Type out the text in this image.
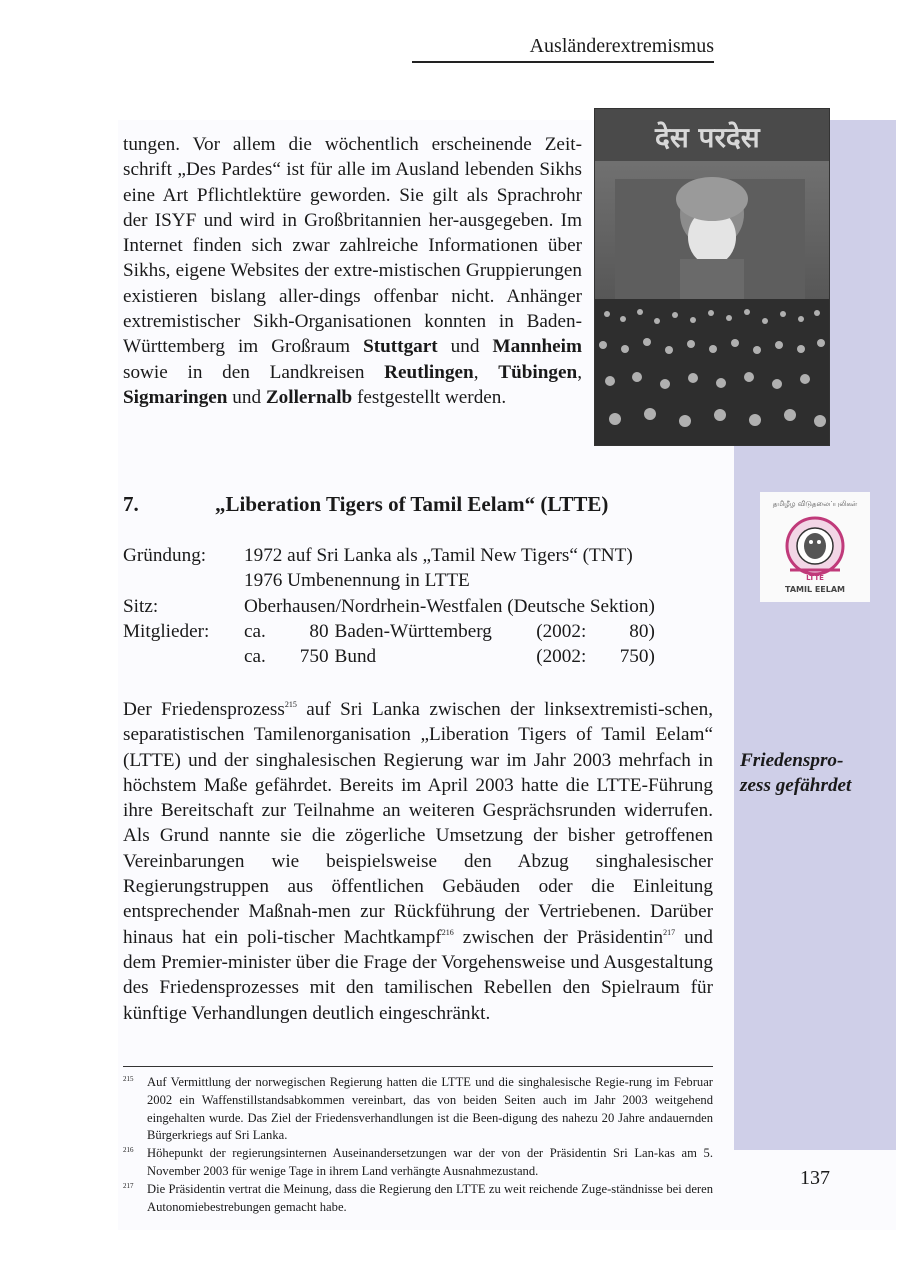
Ausländerextremismus

tungen. Vor allem die wöchentlich erscheinende Zeit-schrift „Des Pardes“ ist für alle im Ausland lebenden Sikhs eine Art Pflichtlektüre geworden. Sie gilt als Sprachrohr der ISYF und wird in Großbritannien her-ausgegeben. Im Internet finden sich zwar zahlreiche Informationen über Sikhs, eigene Websites der extre-mistischen Gruppierungen existieren bislang aller-dings offenbar nicht. Anhänger extremistischer Sikh-Organisationen konnten in Baden-Württemberg im Großraum Stuttgart und Mannheim sowie in den Landkreisen Reutlingen, Tübingen, Sigmaringen und Zollernalb festgestellt werden.

देस परदेस
7.	„Liberation Tigers of Tamil Eelam“ (LTTE)
Gründung:	1972 auf Sri Lanka als „Tamil New Tigers“ (TNT)				
	1976 Umbenennung in LTTE				
Sitz:	Oberhausen/Nordrhein-Westfalen (Deutsche Sektion)				
Mitglieder:	ca.	80	Baden-Württemberg	(2002:	80)
	ca.	750	Bund	(2002:	750)
தமிழீழ விடுதலைப்புலிகள்
LTTE
TAMIL EELAM

Der Friedensprozess$^{215}$ auf Sri Lanka zwischen der linksextremisti-schen, separatistischen Tamilenorganisation „Liberation Tigers of Tamil Eelam“ (LTTE) und der singhalesischen Regierung war im Jahr 2003 mehrfach in höchstem Maße gefährdet. Bereits im April 2003 hatte die LTTE-Führung ihre Bereitschaft zur Teilnahme an weiteren Gesprächsrunden widerrufen. Als Grund nannte sie die zögerliche Umsetzung der bisher getroffenen Vereinbarungen wie beispielsweise den Abzug singhalesischer Regierungstruppen aus öffentlichen Gebäuden oder die Einleitung entsprechender Maßnah-men zur Rückführung der Vertriebenen. Darüber hinaus hat ein poli-tischer Machtkampf$^{216}$ zwischen der Präsidentin$^{217}$ und dem Premier-minister über die Frage der Vorgehensweise und Ausgestaltung des Friedensprozesses mit den tamilischen Rebellen den Spielraum für künftige Verhandlungen deutlich eingeschränkt.

Friedenspro-
zess gefährdet
215 Auf Vermittlung der norwegischen Regierung hatten die LTTE und die singhalesische Regie-rung im Februar 2002 ein Waffenstillstandsabkommen vereinbart, das von beiden Seiten auch im Jahr 2003 weitgehend eingehalten wurde. Das Ziel der Friedensverhandlungen ist die Been-digung des nahezu 20 Jahre andauernden Bürgerkriegs auf Sri Lanka.
216 Höhepunkt der regierungsinternen Auseinandersetzungen war der von der Präsidentin Sri Lan-kas am 5. November 2003 für wenige Tage in ihrem Land verhängte Ausnahmezustand.
217 Die Präsidentin vertrat die Meinung, dass die Regierung den LTTE zu weit reichende Zuge-ständnisse bei deren Autonomiebestrebungen gemacht habe.
137
